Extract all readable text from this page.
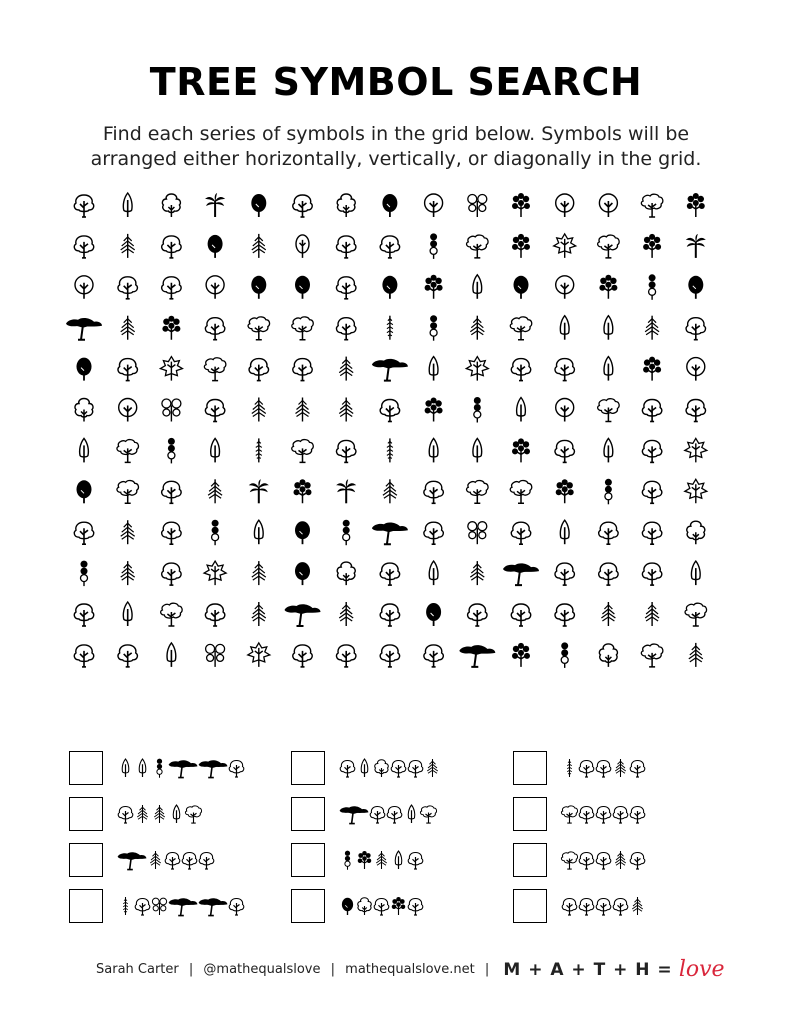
TREE SYMBOL SEARCH
Find each series of symbols in the grid below. Symbols will be arranged either horizontally, vertically, or diagonally in the grid.
Sarah Carter | @mathequalslove | mathequalslove.net | M + A + T + H = love
